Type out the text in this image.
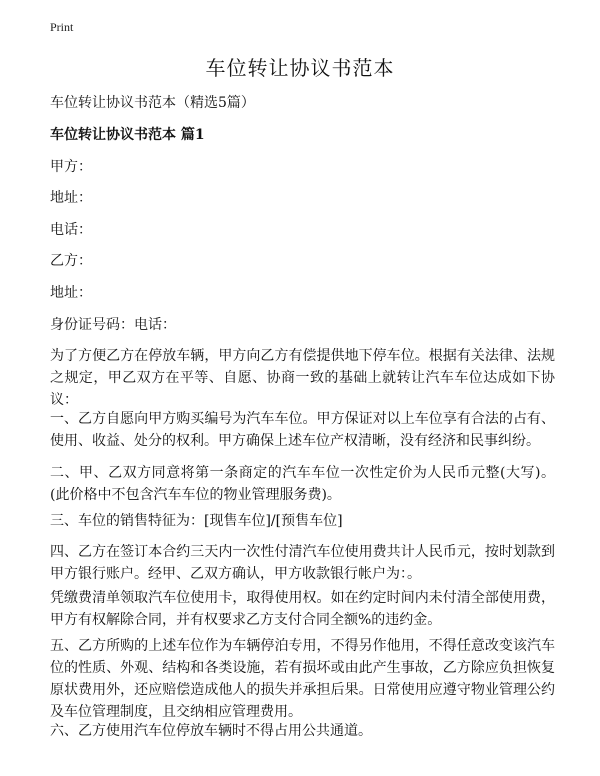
Print
车位转让协议书范本
车位转让协议书范本（精选5篇）
车位转让协议书范本 篇1
甲方：
地址：
电话：
乙方：
地址：
身份证号码：电话：
为了方便乙方在停放车辆，甲方向乙方有偿提供地下停车位。根据有关法律、法规之规定，甲乙双方在平等、自愿、协商一致的基础上就转让汽车车位达成如下协议：
一、乙方自愿向甲方购买编号为汽车车位。甲方保证对以上车位享有合法的占有、使用、收益、处分的权利。甲方确保上述车位产权清晰，没有经济和民事纠纷。
二、甲、乙双方同意将第一条商定的汽车车位一次性定价为人民币元整(大写)。(此价格中不包含汽车车位的物业管理服务费)。
三、车位的销售特征为：[现售车位]/[预售车位]
四、乙方在签订本合约三天内一次性付清汽车位使用费共计人民币元，按时划款到甲方银行账户。经甲、乙双方确认，甲方收款银行帐户为：。
凭缴费清单领取汽车位使用卡，取得使用权。如在约定时间内未付清全部使用费，甲方有权解除合同，并有权要求乙方支付合同全额%的违约金。
五、乙方所购的上述车位作为车辆停泊专用，不得另作他用，不得任意改变该汽车位的性质、外观、结构和各类设施，若有损坏或由此产生事故，乙方除应负担恢复原状费用外，还应赔偿造成他人的损失并承担后果。日常使用应遵守物业管理公约及车位管理制度，且交纳相应管理费用。
六、乙方使用汽车位停放车辆时不得占用公共通道。
